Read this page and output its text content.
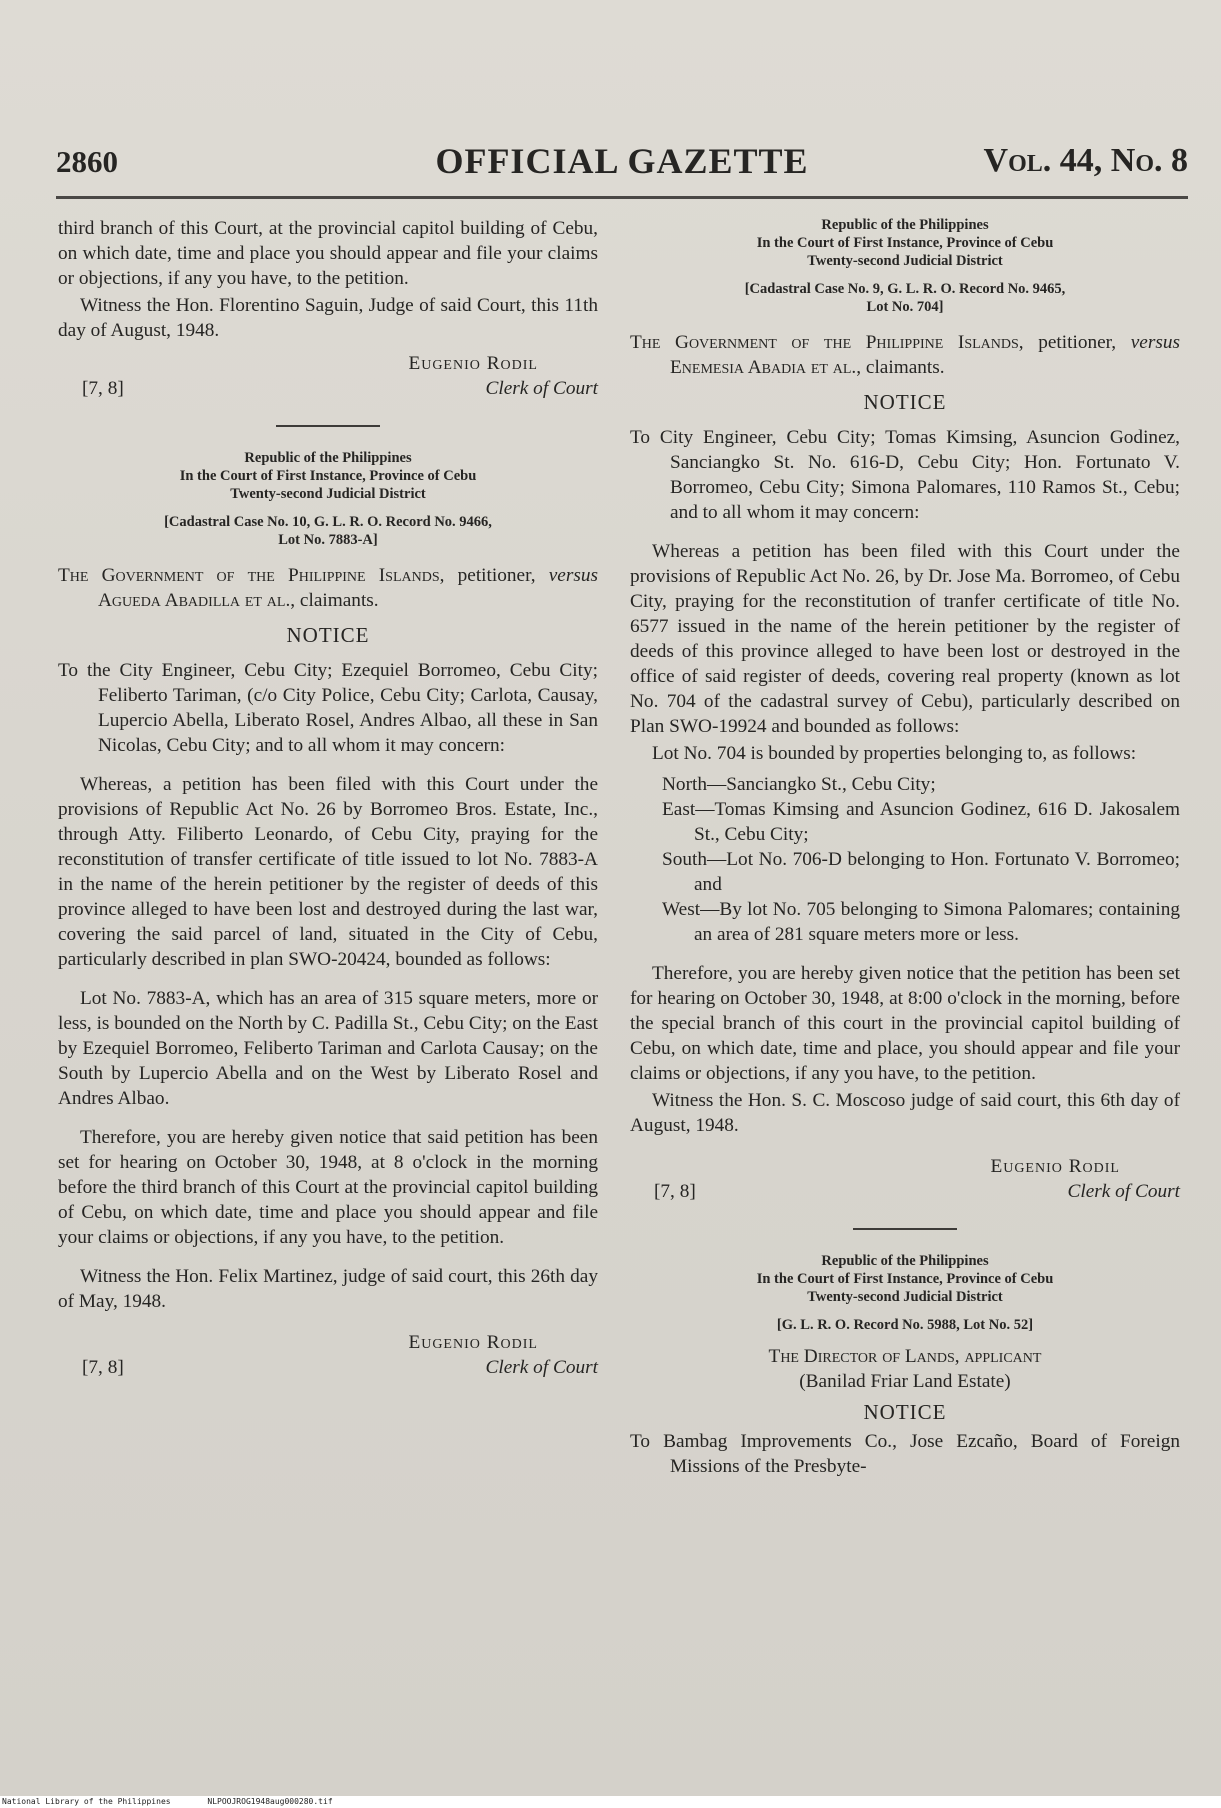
2860	OFFICIAL GAZETTE	Vol. 44, No. 8

third branch of this Court, at the provincial capitol building of Cebu, on which date, time and place you should appear and file your claims or objections, if any you have, to the petition.

Witness the Hon. Florentino Saguin, Judge of said Court, this 11th day of August, 1948.

Eugenio Rodil
Clerk of Court
[7, 8]
Republic of the Philippines
In the Court of First Instance, Province of Cebu
Twenty-second Judicial District
[Cadastral Case No. 10, G. L. R. O. Record No. 9466,
Lot No. 7883-A]

The Government of the Philippine Islands, petitioner, versus Agueda Abadilla et al., claimants.

NOTICE

To the City Engineer, Cebu City; Ezequiel Borromeo, Cebu City; Feliberto Tariman, (c/o City Police, Cebu City; Carlota, Causay, Lupercio Abella, Liberato Rosel, Andres Albao, all these in San Nicolas, Cebu City; and to all whom it may concern:

Whereas, a petition has been filed with this Court under the provisions of Republic Act No. 26 by Borromeo Bros. Estate, Inc., through Atty. Filiberto Leonardo, of Cebu City, praying for the reconstitution of transfer certificate of title issued to lot No. 7883-A in the name of the herein petitioner by the register of deeds of this province alleged to have been lost and destroyed during the last war, covering the said parcel of land, situated in the City of Cebu, particularly described in plan SWO-20424, bounded as follows:

Lot No. 7883-A, which has an area of 315 square meters, more or less, is bounded on the North by C. Padilla St., Cebu City; on the East by Ezequiel Borromeo, Feliberto Tariman and Carlota Causay; on the South by Lupercio Abella and on the West by Liberato Rosel and Andres Albao.

Therefore, you are hereby given notice that said petition has been set for hearing on October 30, 1948, at 8 o'clock in the morning before the third branch of this Court at the provincial capitol building of Cebu, on which date, time and place you should appear and file your claims or objections, if any you have, to the petition.

Witness the Hon. Felix Martinez, judge of said court, this 26th day of May, 1948.

Eugenio Rodil
Clerk of Court
[7, 8]
Republic of the Philippines
In the Court of First Instance, Province of Cebu
Twenty-second Judicial District
[Cadastral Case No. 9, G. L. R. O. Record No. 9465,
Lot No. 704]

The Government of the Philippine Islands, petitioner, versus Enemesia Abadia et al., claimants.

NOTICE

To City Engineer, Cebu City; Tomas Kimsing, Asuncion Godinez, Sanciangko St. No. 616-D, Cebu City; Hon. Fortunato V. Borromeo, Cebu City; Simona Palomares, 110 Ramos St., Cebu; and to all whom it may concern:

Whereas a petition has been filed with this Court under the provisions of Republic Act No. 26, by Dr. Jose Ma. Borromeo, of Cebu City, praying for the reconstitution of tranfer certificate of title No. 6577 issued in the name of the herein petitioner by the register of deeds of this province alleged to have been lost or destroyed in the office of said register of deeds, covering real property (known as lot No. 704 of the cadastral survey of Cebu), particularly described on Plan SWO-19924 and bounded as follows:

Lot No. 704 is bounded by properties belonging to, as follows:

North—Sanciangko St., Cebu City;

East—Tomas Kimsing and Asuncion Godinez, 616 D. Jakosalem St., Cebu City;

South—Lot No. 706-D belonging to Hon. Fortunato V. Borromeo; and

West—By lot No. 705 belonging to Simona Palomares; containing an area of 281 square meters more or less.

Therefore, you are hereby given notice that the petition has been set for hearing on October 30, 1948, at 8:00 o'clock in the morning, before the special branch of this court in the provincial capitol building of Cebu, on which date, time and place, you should appear and file your claims or objections, if any you have, to the petition.

Witness the Hon. S. C. Moscoso judge of said court, this 6th day of August, 1948.

Eugenio Rodil
Clerk of Court
[7, 8]
Republic of the Philippines
In the Court of First Instance, Province of Cebu
Twenty-second Judicial District
[G. L. R. O. Record No. 5988, Lot No. 52]
The Director of Lands, applicant
(Banilad Friar Land Estate)
NOTICE

To Bambag Improvements Co., Jose Ezcaño, Board of Foreign Missions of the Presbyte-

National Library of the Philippines	NLPOOJROG1948aug000280.tif
